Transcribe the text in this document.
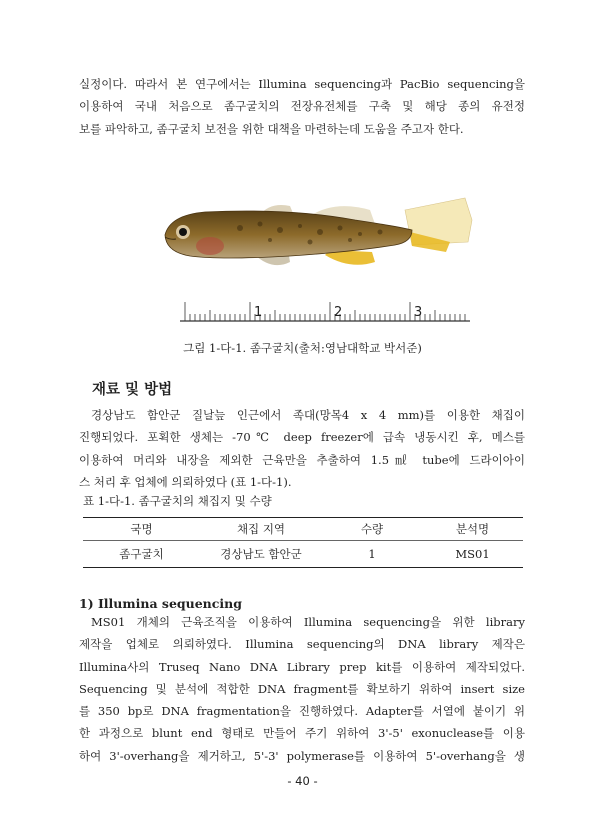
실정이다. 따라서 본 연구에서는 Illumina sequencing과 PacBio sequencing을
이용하여 국내 처음으로 좀구굴치의 전장유전체를 구축 및 해당 종의 유전정
보를 파악하고, 좀구굴치 보전을 위한 대책을 마련하는데 도움을 주고자 한다.

1	2	3
그림 1-다-1. 좀구굴치(출처:영남대학교 박서준)
재료 및 방법

경상남도 함안군 질날늪 인근에서 족대(망목4 x 4 mm)를 이용한 채집이
진행되었다. 포획한 생체는 -70℃ deep freezer에 급속 냉동시킨 후, 메스를
이용하여 머리와 내장을 제외한 근육만을 추출하여 1.5㎖ tube에 드라이아이
스 처리 후 업체에 의뢰하였다 (표 1-다-1).

표 1-다-1. 좀구굴치의 채집지 및 수량
국명	채집 지역	수량	분석명
좀구굴치	경상남도 함안군	1	MS01
1) Illumina sequencing

MS01 개체의 근육조직을 이용하여 Illumina sequencing을 위한 library
제작을 업체로 의뢰하였다. Illumina sequencing의 DNA library 제작은
Illumina사의 Truseq Nano DNA Library prep kit를 이용하여 제작되었다.
Sequencing 및 분석에 적합한 DNA fragment를 확보하기 위하여 insert size
를 350 bp로 DNA fragmentation을 진행하였다. Adapter를 서열에 붙이기 위
한 과정으로 blunt end 형태로 만들어 주기 위하여 3'-5' exonuclease를 이용
하여 3'-overhang을 제거하고, 5'-3' polymerase를 이용하여 5'-overhang을 생

- 40 -
